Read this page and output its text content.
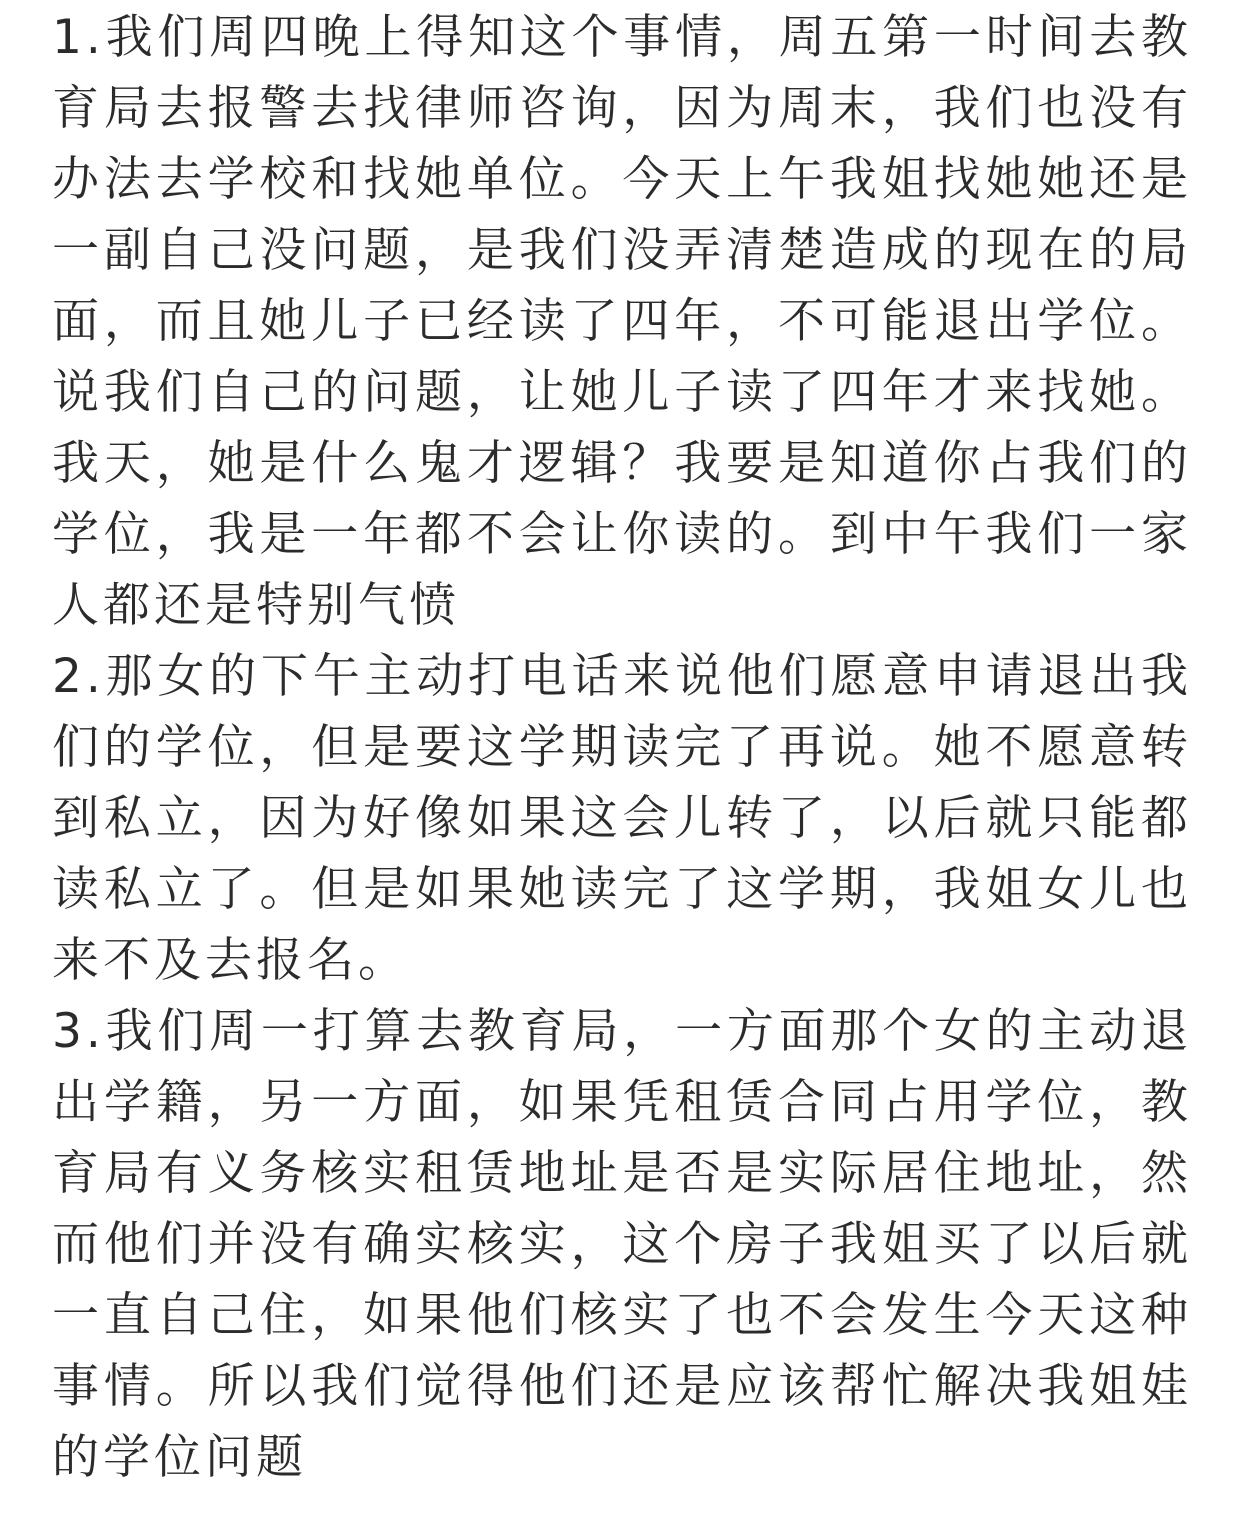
1.我们周四晚上得知这个事情，周五第一时间去教育局去报警去找律师咨询，因为周末，我们也没有办法去学校和找她单位。今天上午我姐找她她还是一副自己没问题，是我们没弄清楚造成的现在的局面，而且她儿子已经读了四年，不可能退出学位。说我们自己的问题，让她儿子读了四年才来找她。我天，她是什么鬼才逻辑？我要是知道你占我们的学位，我是一年都不会让你读的。到中午我们一家人都还是特别气愤

2.那女的下午主动打电话来说他们愿意申请退出我们的学位，但是要这学期读完了再说。她不愿意转到私立，因为好像如果这会儿转了，以后就只能都读私立了。但是如果她读完了这学期，我姐女儿也来不及去报名。

3.我们周一打算去教育局，一方面那个女的主动退出学籍，另一方面，如果凭租赁合同占用学位，教育局有义务核实租赁地址是否是实际居住地址，然而他们并没有确实核实，这个房子我姐买了以后就一直自己住，如果他们核实了也不会发生今天这种事情。所以我们觉得他们还是应该帮忙解决我姐娃的学位问题
